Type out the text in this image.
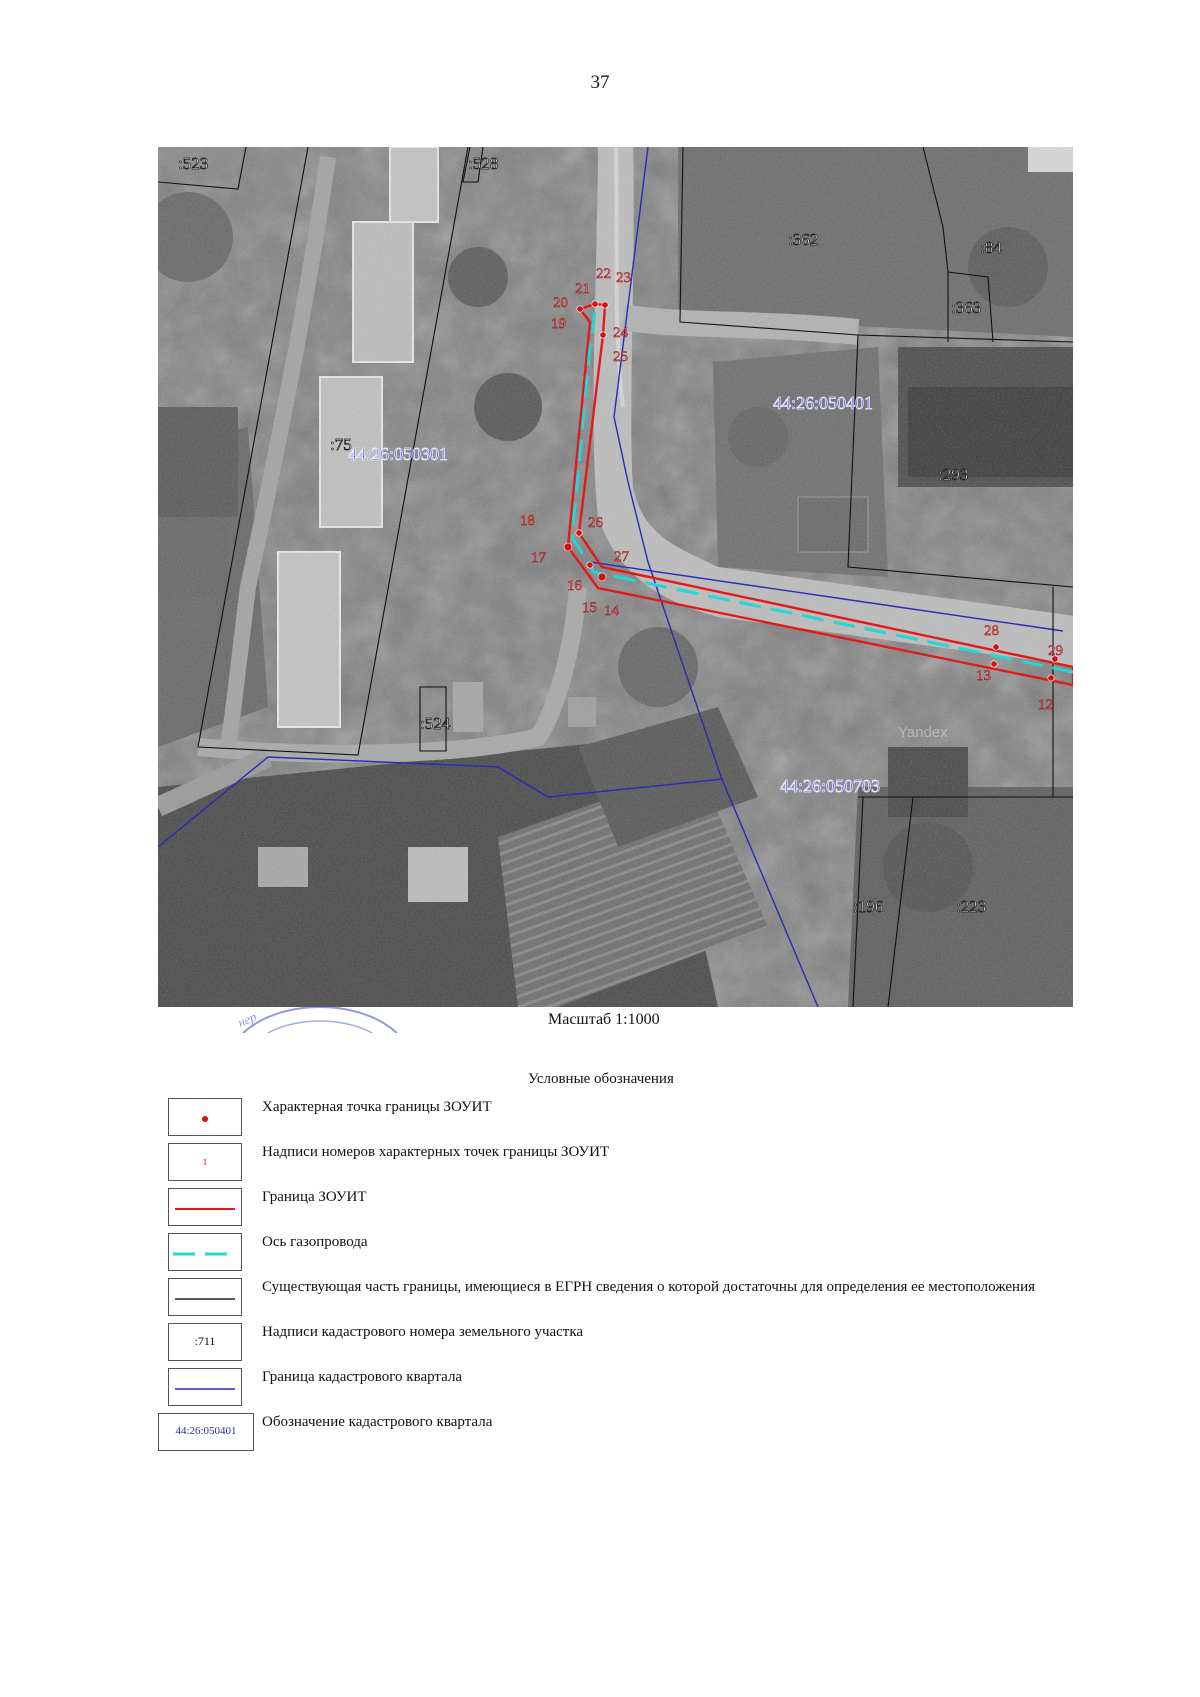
37
19
20
21
22 23
24
25
18
17
26
27
16
15 14
28
29
13
12
:523	:528
:362	:84
:363
:293
:75
:524
:196	:223
44:26:050401
44:26:050301
44:26:050703
Yandex
нер	Масштаб 1:1000
Условные обозначения
Характерная точка границы ЗОУИТ
1
Надписи номеров характерных точек границы ЗОУИТ
Граница ЗОУИТ
Ось газопровода
Существующая часть границы, имеющиеся в ЕГРН сведения о которой достаточны для определения ее местоположения
:711
Надписи кадастрового номера земельного участка
Граница кадастрового квартала
44:26:050401
Обозначение кадастрового квартала
